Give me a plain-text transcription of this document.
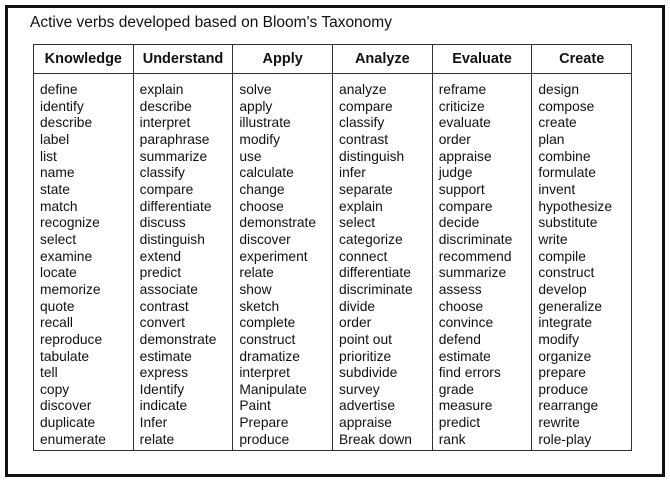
Active verbs developed based on Bloom's Taxonomy
Knowledge
define
identify
describe
label
list
name
state
match
recognize
select
examine
locate
memorize
quote
recall
reproduce
tabulate
tell
copy
discover
duplicate
enumerate
Understand
explain
describe
interpret
paraphrase
summarize
classify
compare
differentiate
discuss
distinguish
extend
predict
associate
contrast
convert
demonstrate
estimate
express
Identify
indicate
Infer
relate
Apply
solve
apply
illustrate
modify
use
calculate
change
choose
demonstrate
discover
experiment
relate
show
sketch
complete
construct
dramatize
interpret
Manipulate
Paint
Prepare
produce
Analyze
analyze
compare
classify
contrast
distinguish
infer
separate
explain
select
categorize
connect
differentiate
discriminate
divide
order
point out
prioritize
subdivide
survey
advertise
appraise
Break down
Evaluate
reframe
criticize
evaluate
order
appraise
judge
support
compare
decide
discriminate
recommend
summarize
assess
choose
convince
defend
estimate
find errors
grade
measure
predict
rank
Create
design
compose
create
plan
combine
formulate
invent
hypothesize
substitute
write
compile
construct
develop
generalize
integrate
modify
organize
prepare
produce
rearrange
rewrite
role-play
